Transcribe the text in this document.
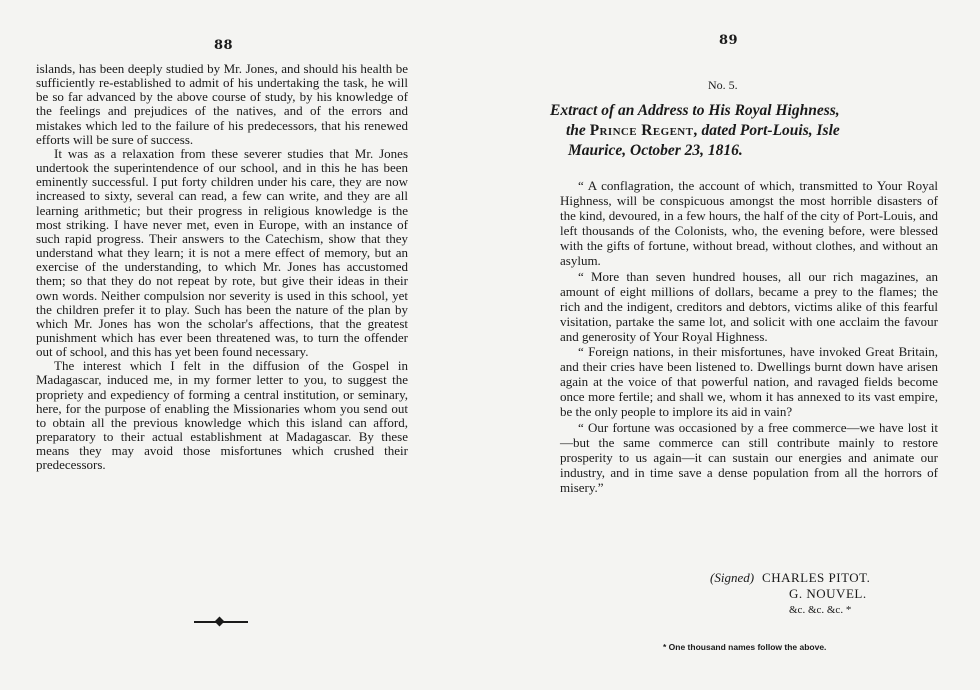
88

islands, has been deeply studied by Mr. Jones, and should his health be sufficiently re-established to admit of his undertaking the task, he will be so far advanced by the above course of study, by his knowledge of the feelings and prejudices of the natives, and of the errors and mistakes which led to the failure of his predecessors, that his renewed efforts will be sure of success.

It was as a relaxation from these severer studies that Mr. Jones undertook the superintendence of our school, and in this he has been eminently successful. I put forty children under his care, they are now increased to sixty, several can read, a few can write, and they are all learning arithmetic; but their progress in religious knowledge is the most striking. I have never met, even in Europe, with an instance of such rapid progress. Their answers to the Catechism, show that they understand what they learn; it is not a mere effect of memory, but an exercise of the understanding, to which Mr. Jones has accustomed them; so that they do not repeat by rote, but give their ideas in their own words. Neither compulsion nor severity is used in this school, yet the children prefer it to play. Such has been the nature of the plan by which Mr. Jones has won the scholar's affections, that the greatest punishment which has ever been threatened was, to turn the offender out of school, and this has yet been found necessary.

The interest which I felt in the diffusion of the Gospel in Madagascar, induced me, in my former letter to you, to suggest the propriety and expediency of forming a central institution, or seminary, here, for the purpose of enabling the Missionaries whom you send out to obtain all the previous knowledge which this island can afford, preparatory to their actual establishment at Madagascar. By these means they may avoid those misfortunes which crushed their predecessors.

89
No. 5.
Extract of an Address to His Royal Highness,
the Prince Regent, dated Port-Louis, Isle
Maurice, October 23, 1816.

“ A conflagration, the account of which, transmitted to Your Royal Highness, will be conspicuous amongst the most horrible disasters of the kind, devoured, in a few hours, the half of the city of Port-Louis, and left thousands of the Colonists, who, the evening before, were blessed with the gifts of fortune, without bread, without clothes, and without an asylum.

“ More than seven hundred houses, all our rich magazines, an amount of eight millions of dollars, became a prey to the flames; the rich and the indigent, creditors and debtors, victims alike of this fearful visitation, partake the same lot, and solicit with one acclaim the favour and generosity of Your Royal Highness.

“ Foreign nations, in their misfortunes, have invoked Great Britain, and their cries have been listened to. Dwellings burnt down have arisen again at the voice of that powerful nation, and ravaged fields become once more fertile; and shall we, whom it has annexed to its vast empire, be the only people to implore its aid in vain?

“ Our fortune was occasioned by a free commerce—we have lost it—but the same commerce can still contribute mainly to restore prosperity to us again—it can sustain our energies and animate our industry, and in time save a dense population from all the horrors of misery.”

(Signed) CHARLES PITOT.
G. NOUVEL.
&c. &c. &c. *
* One thousand names follow the above.
